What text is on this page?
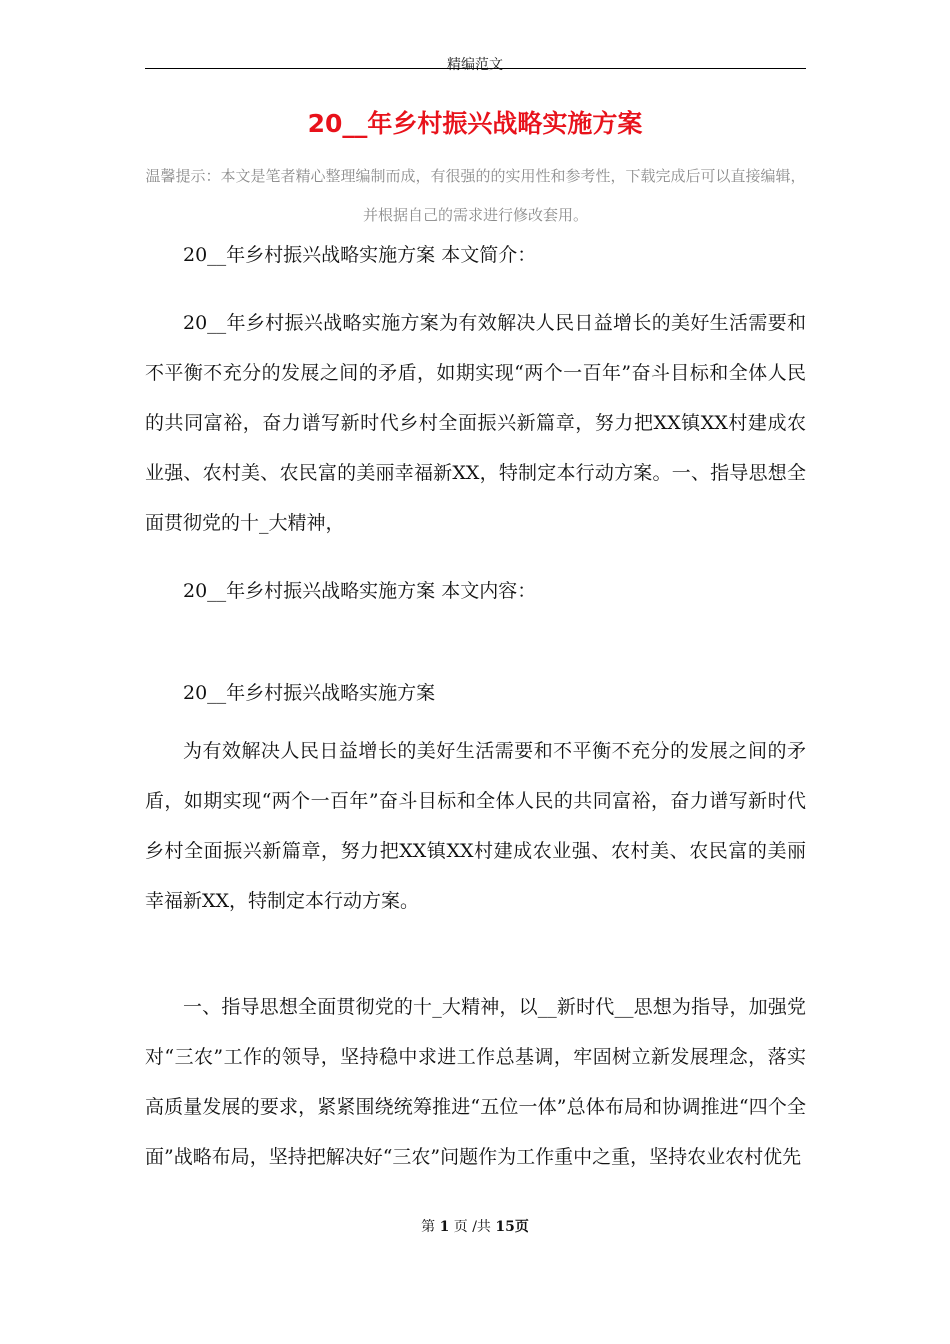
精编范文
20__年乡村振兴战略实施方案
温馨提示：本文是笔者精心整理编制而成，有很强的的实用性和参考性，下载完成后可以直接编辑，并根据自己的需求进行修改套用。

20__年乡村振兴战略实施方案 本文简介：

20__年乡村振兴战略实施方案为有效解决人民日益增长的美好生活需要和不平衡不充分的发展之间的矛盾，如期实现“两个一百年”奋斗目标和全体人民的共同富裕，奋力谱写新时代乡村全面振兴新篇章，努力把XX镇XX村建成农业强、农村美、农民富的美丽幸福新XX，特制定本行动方案。一、指导思想全面贯彻党的十_大精神，

20__年乡村振兴战略实施方案 本文内容：

20__年乡村振兴战略实施方案

为有效解决人民日益增长的美好生活需要和不平衡不充分的发展之间的矛盾，如期实现“两个一百年”奋斗目标和全体人民的共同富裕，奋力谱写新时代乡村全面振兴新篇章，努力把XX镇XX村建成农业强、农村美、农民富的美丽幸福新XX，特制定本行动方案。

一、指导思想全面贯彻党的十_大精神，以__新时代__思想为指导，加强党对“三农”工作的领导，坚持稳中求进工作总基调，牢固树立新发展理念，落实高质量发展的要求，紧紧围绕统筹推进“五位一体”总体布局和协调推进“四个全面”战略布局，坚持把解决好“三农”问题作为工作重中之重，坚持农业农村优先

第 1 页 /共 15页
